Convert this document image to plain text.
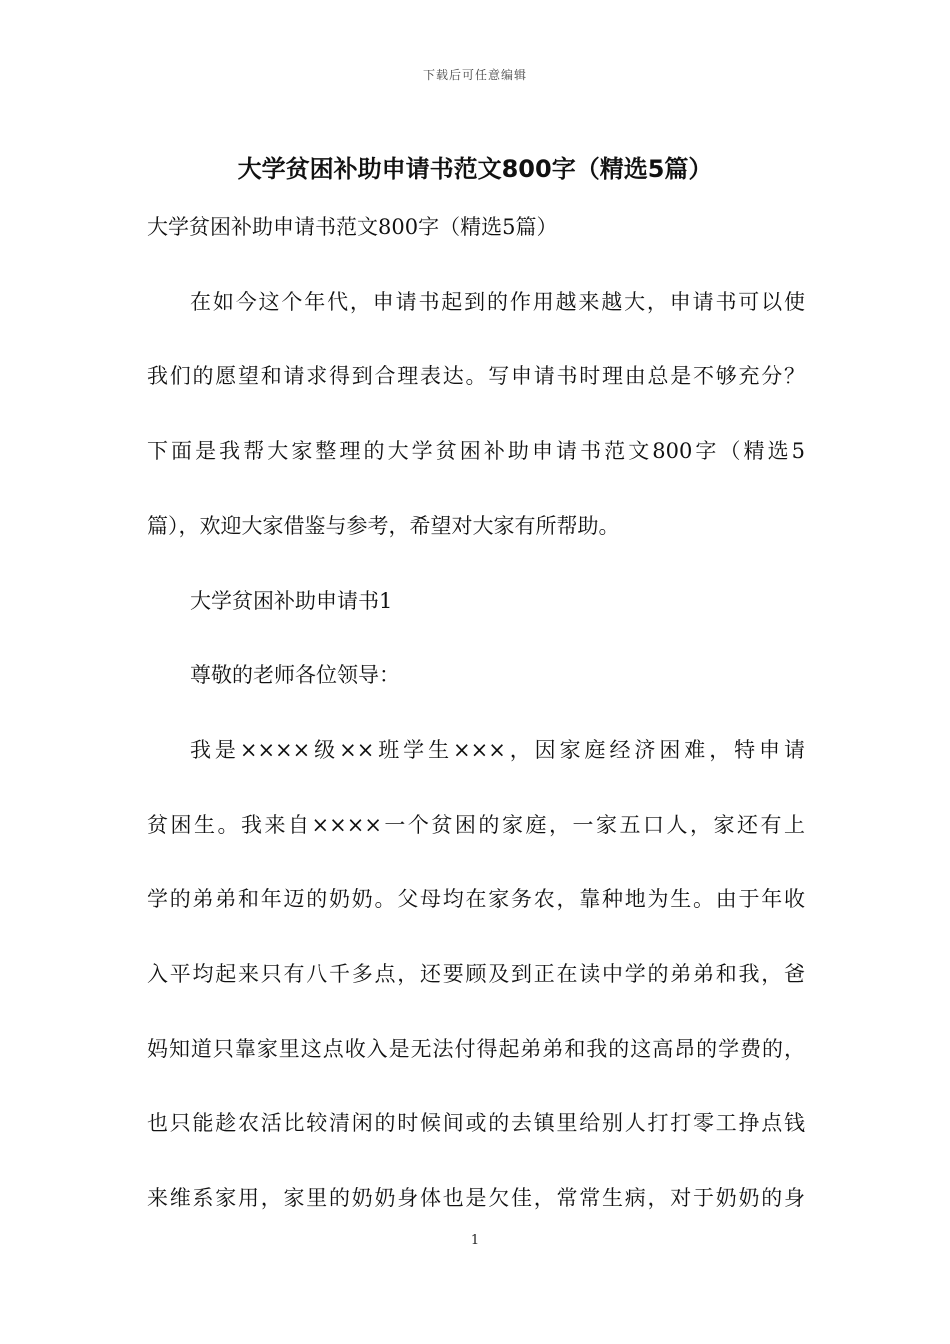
下载后可任意编辑
大学贫困补助申请书范文800字（精选5篇）
大学贫困补助申请书范文800字（精选5篇）
在如今这个年代，申请书起到的作用越来越大，申请书可以使
我们的愿望和请求得到合理表达。写申请书时理由总是不够充分？
下面是我帮大家整理的大学贫困补助申请书范文800字（精选5
篇），欢迎大家借鉴与参考，希望对大家有所帮助。
大学贫困补助申请书1
尊敬的老师各位领导：
我是××××级××班学生×××，因家庭经济困难，特申请
贫困生。我来自××××一个贫困的家庭，一家五口人，家还有上
学的弟弟和年迈的奶奶。父母均在家务农，靠种地为生。由于年收
入平均起来只有八千多点，还要顾及到正在读中学的弟弟和我，爸
妈知道只靠家里这点收入是无法付得起弟弟和我的这高昂的学费的，
也只能趁农活比较清闲的时候间或的去镇里给别人打打零工挣点钱
来维系家用，家里的奶奶身体也是欠佳，常常生病，对于奶奶的身
1
